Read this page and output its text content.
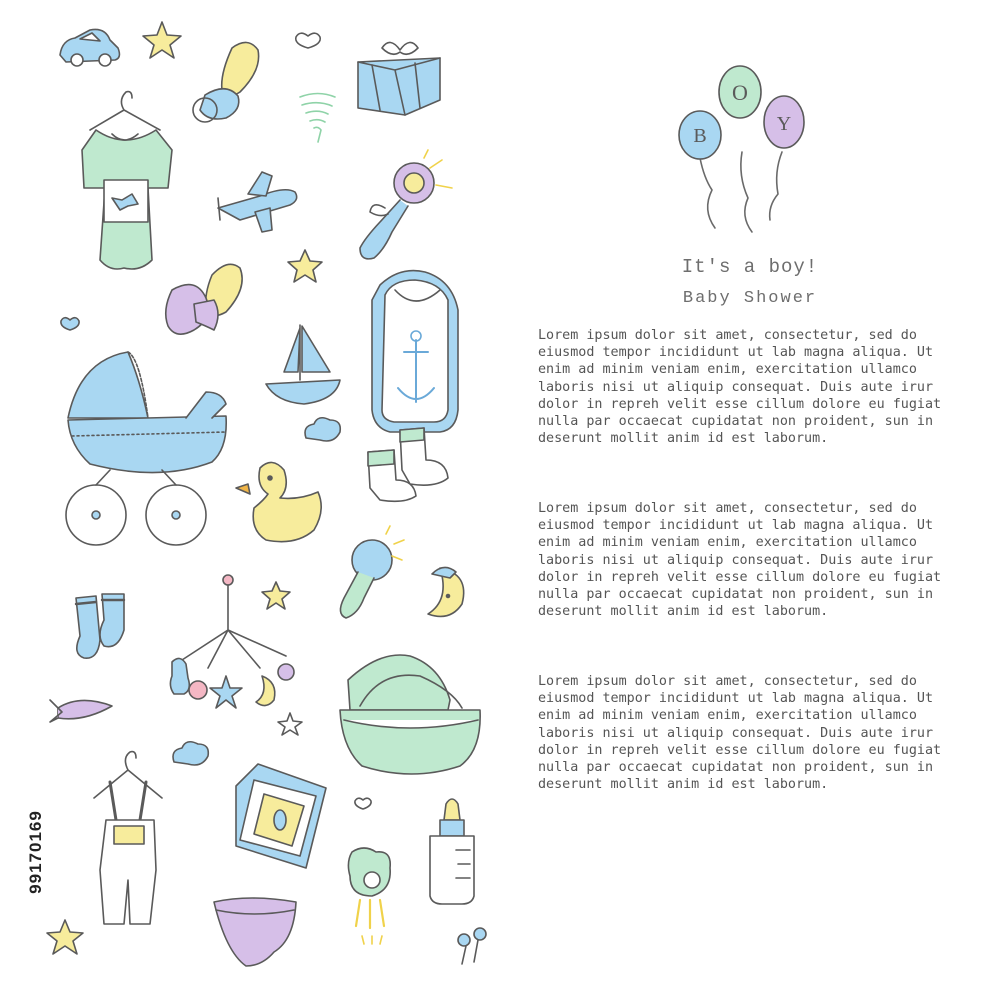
B
O
Y
99170169
It's a boy!
Baby Shower

Lorem ipsum dolor sit amet, consectetur, sed do eiusmod tempor incididunt ut lab magna aliqua. Ut enim ad minim veniam enim, exercitation ullamco laboris nisi ut aliquip consequat. Duis aute irur dolor in repreh velit esse cillum dolore eu fugiat nulla par occaecat cupidatat non proident, sun in deserunt mollit anim id est laborum.

Lorem ipsum dolor sit amet, consectetur, sed do eiusmod tempor incididunt ut lab magna aliqua. Ut enim ad minim veniam enim, exercitation ullamco laboris nisi ut aliquip consequat. Duis aute irur dolor in repreh velit esse cillum dolore eu fugiat nulla par occaecat cupidatat non proident, sun in deserunt mollit anim id est laborum.

Lorem ipsum dolor sit amet, consectetur, sed do eiusmod tempor incididunt ut lab magna aliqua. Ut enim ad minim veniam enim, exercitation ullamco laboris nisi ut aliquip consequat. Duis aute irur dolor in repreh velit esse cillum dolore eu fugiat nulla par occaecat cupidatat non proident, sun in deserunt mollit anim id est laborum.
